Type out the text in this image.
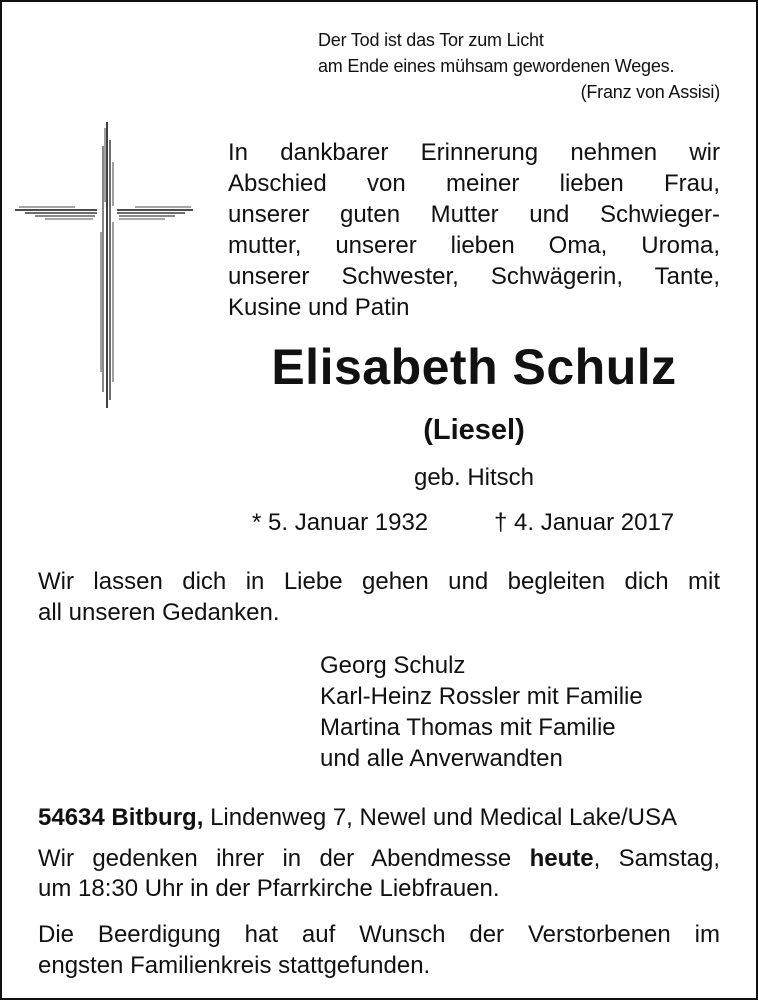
Der Tod ist das Tor zum Licht
am Ende eines mühsam gewordenen Weges.
(Franz von Assisi)
In dankbarer Erinnerung nehmen wir
Abschied von meiner lieben Frau,
unserer guten Mutter und Schwieger-
mutter, unserer lieben Oma, Uroma,
unserer Schwester, Schwägerin, Tante,
Kusine und Patin
Elisabeth Schulz
(Liesel)
geb. Hitsch
* 5. Januar 1932	† 4. Januar 2017
Wir lassen dich in Liebe gehen und begleiten dich mit
all unseren Gedanken.
Georg Schulz
Karl-Heinz Rossler mit Familie
Martina Thomas mit Familie
und alle Anverwandten
54634 Bitburg, Lindenweg 7, Newel und Medical Lake/USA
Wir gedenken ihrer in der Abendmesse heute, Samstag,
um 18:30 Uhr in der Pfarrkirche Liebfrauen.
Die Beerdigung hat auf Wunsch der Verstorbenen im
engsten Familienkreis stattgefunden.
